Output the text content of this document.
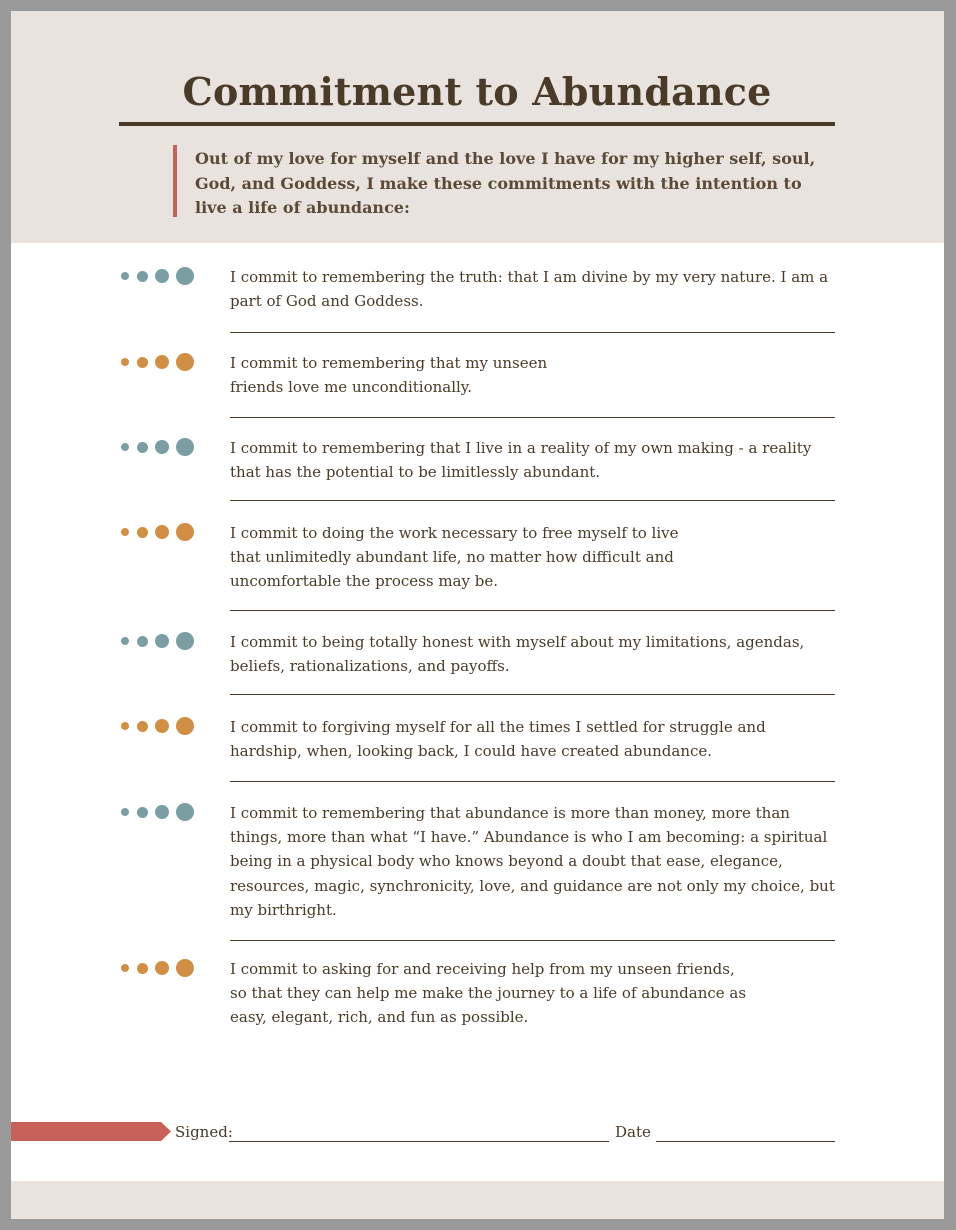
Commitment to Abundance

Out of my love for myself and the love I have for my higher self, soul, God, and Goddess, I make these commitments with the intention to live a life of abundance:

I commit to remembering the truth: that I am divine by my very nature. I am a part of God and Goddess.

I commit to remembering that my unseen friends love me unconditionally.

I commit to remembering that I live in a reality of my own making - a reality that has the potential to be limitlessly abundant.

I commit to doing the work necessary to free myself to live that unlimitedly abundant life, no matter how difficult and uncomfortable the process may be.

I commit to being totally honest with myself about my limitations, agendas, beliefs, rationalizations, and payoffs.

I commit to forgiving myself for all the times I settled for struggle and hardship, when, looking back, I could have created abundance.

I commit to remembering that abundance is more than money, more than things, more than what “I have.” Abundance is who I am becoming: a spiritual being in a physical body who knows beyond a doubt that ease, elegance, resources, magic, synchronicity, love, and guidance are not only my choice, but my birthright.

I commit to asking for and receiving help from my unseen friends, so that they can help me make the journey to a life of abundance as easy, elegant, rich, and fun as possible.

Signed:	Date
